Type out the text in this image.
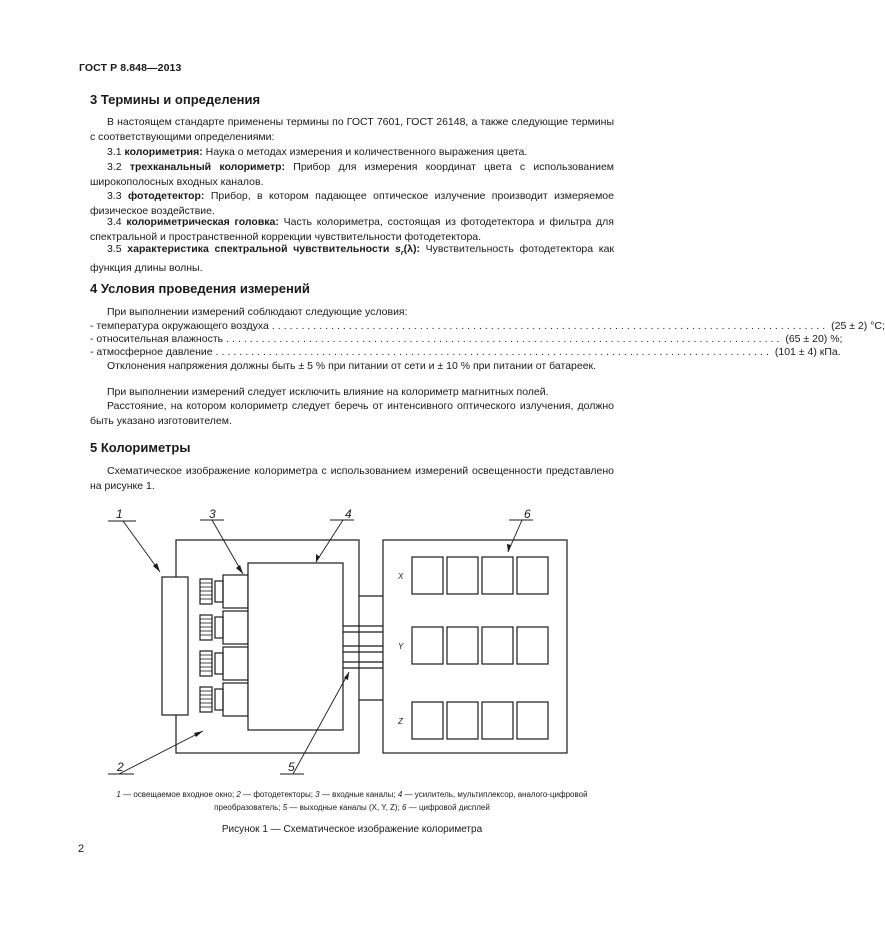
ГОСТ Р 8.848—2013
3 Термины и определения
В настоящем стандарте применены термины по ГОСТ 7601, ГОСТ 26148, а также следующие термины с соответствующими определениями:
3.1 колориметрия: Наука о методах измерения и количественного выражения цвета.
3.2 трехканальный колориметр: Прибор для измерения координат цвета с использованием широкополосных входных каналов.
3.3 фотодетектор: Прибор, в котором падающее оптическое излучение производит измеряемое физическое воздействие.
3.4 колориметрическая головка: Часть колориметра, состоящая из фотодетектора и фильтра для спектральной и пространственной коррекции чувствительности фотодетектора.
3.5 характеристика спектральной чувствительности $s_r(\lambda)$: Чувствительность фотодетектора как функция длины волны.
4 Условия проведения измерений
При выполнении измерений соблюдают следующие условия:
- температура окружающего воздуха .............................................................................................. (25 ± 2) °С;
- относительная влажность .............................................................................................. (65 ± 20) %;
- атмосферное давление .............................................................................................. (101 ± 4) кПа.
Отклонения напряжения должны быть ± 5 % при питании от сети и ± 10 % при питании от батареек.
При выполнении измерений следует исключить влияние на колориметр магнитных полей.
Расстояние, на котором колориметр следует беречь от интенсивного оптического излучения, должно быть указано изготовителем.
5 Колориметры
Схематическое изображение колориметра с использованием измерений освещенности представлено на рисунке 1.
1
2
3	4
5
6
X
Y
Z
1 — освещаемое входное окно; 2 — фотодетекторы; 3 — входные каналы; 4 — усилитель, мультиплексор, аналого-цифровой преобразователь; 5 — выходные каналы (X, Y, Z); 6 — цифровой дисплей
Рисунок 1 — Схематическое изображение колориметра
2
